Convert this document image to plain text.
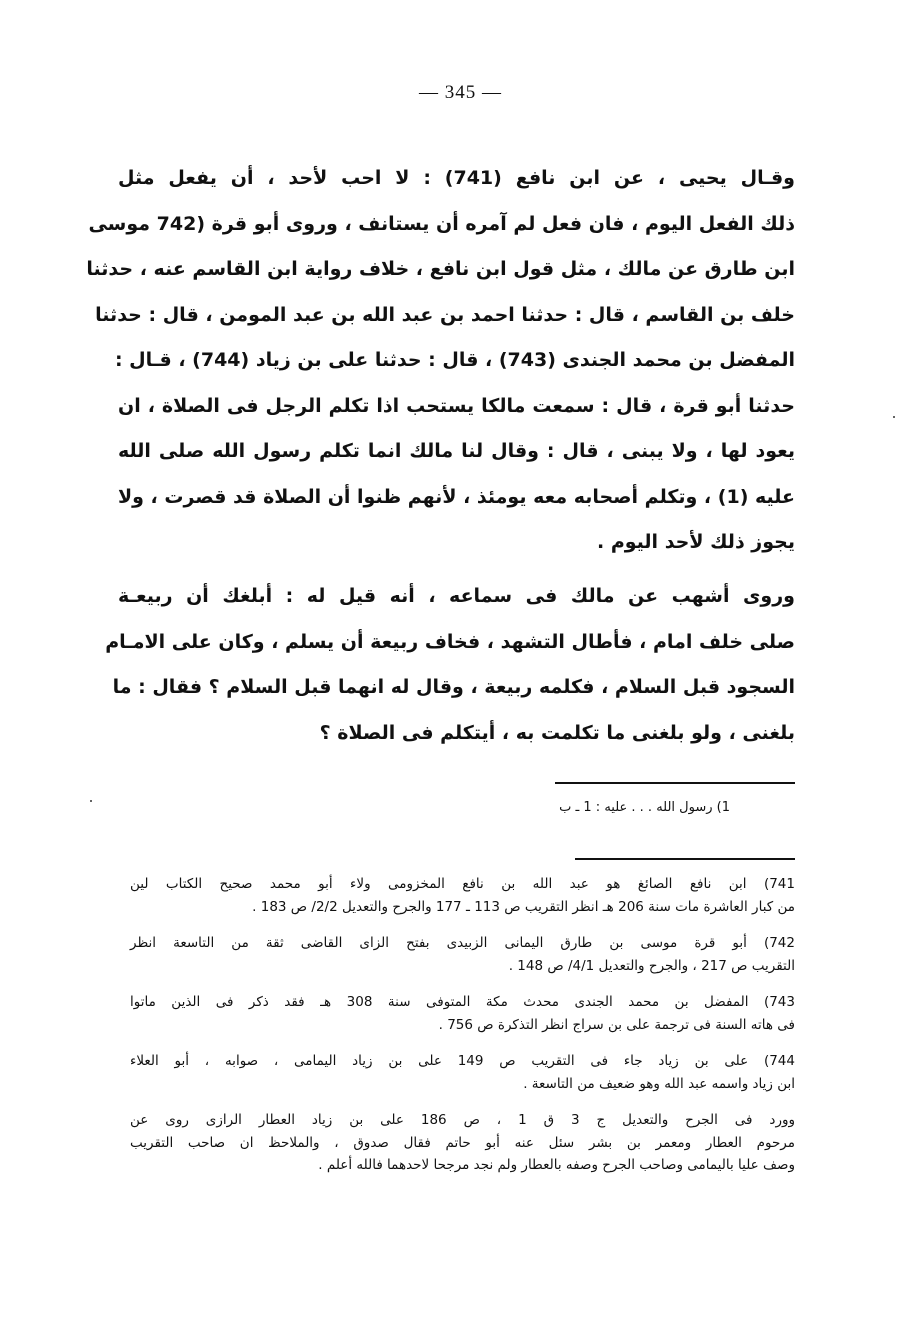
— 345 —
وقـال يحيى ، عن ابن نافع (741) : لا احب لأحد ، أن يفعل مثل
ذلك الفعل اليوم ، فان فعل لم آمره أن يستانف ، وروى أبو قرة (742 موسى
ابن طارق عن مالك ، مثل قول ابن نافع ، خلاف رواية ابن القاسم عنه ، حدثنا
خلف بن القاسم ، قال : حدثنا احمد بن عبد الله بن عبد المومن ، قال : حدثنا
المفضل بن محمد الجندى (743) ، قال : حدثنا على بن زياد (744) ، قـال :
حدثنا أبو قرة ، قال : سمعت مالكا يستحب اذا تكلم الرجل فى الصلاة ، ان
يعود لها ، ولا يبنى ، قال : وقال لنا مالك انما تكلم رسول الله صلى الله
عليه (1) ، وتكلم أصحابه معه يومئذ ، لأنهم ظنوا أن الصلاة قد قصرت ، ولا
يجوز ذلك لأحد اليوم .
وروى أشهب عن مالك فى سماعه ، أنه قيل له : أبلغك أن ربيعـة
صلى خلف امام ، فأطال التشهد ، فخاف ربيعة أن يسلم ، وكان على الامـام
السجود قبل السلام ، فكلمه ربيعة ، وقال له انهما قبل السلام ؟ فقال : ما
بلغنى ، ولو بلغنى ما تكلمت به ، أيتكلم فى الصلاة ؟
1) رسول الله . . . عليه : 1 ـ ب
741) ابن نافع الصائغ هو عبد الله بن نافع المخزومى ولاء أبو محمد صحيح الكتاب لين
من كبار العاشرة مات سنة 206 هـ انظر التقريب ص 113 ـ 177 والجرح والتعديل 2/2/ ص 183 .
742) أبو قرة موسى بن طارق اليمانى الزبيدى بفتح الزاى القاضى ثقة من التاسعة انظر
التقريب ص 217 ، والجرح والتعديل 4/1/ ص 148 .
743) المفضل بن محمد الجندى محدث مكة المتوفى سنة 308 هـ فقد ذكر فى الذين ماتوا
فى هاته السنة فى ترجمة على بن سراج انظر التذكرة ص 756 .
744) على بن زياد جاء فى التقريب ص 149 على بن زياد اليمامى ، صوابه ، أبو العلاء
ابن زياد واسمه عبد الله وهو ضعيف من التاسعة .
وورد فى الجرح والتعديل ج 3 ق 1 ، ص 186 على بن زياد العطار الرازى روى عن
مرحوم العطار ومعمر بن بشر سئل عنه أبو حاتم فقال صدوق ، والملاحظ ان صاحب التقريب
وصف عليا باليمامى وصاحب الجرح وصفه بالعطار ولم نجد مرجحا لاحدهما فالله أعلم .
